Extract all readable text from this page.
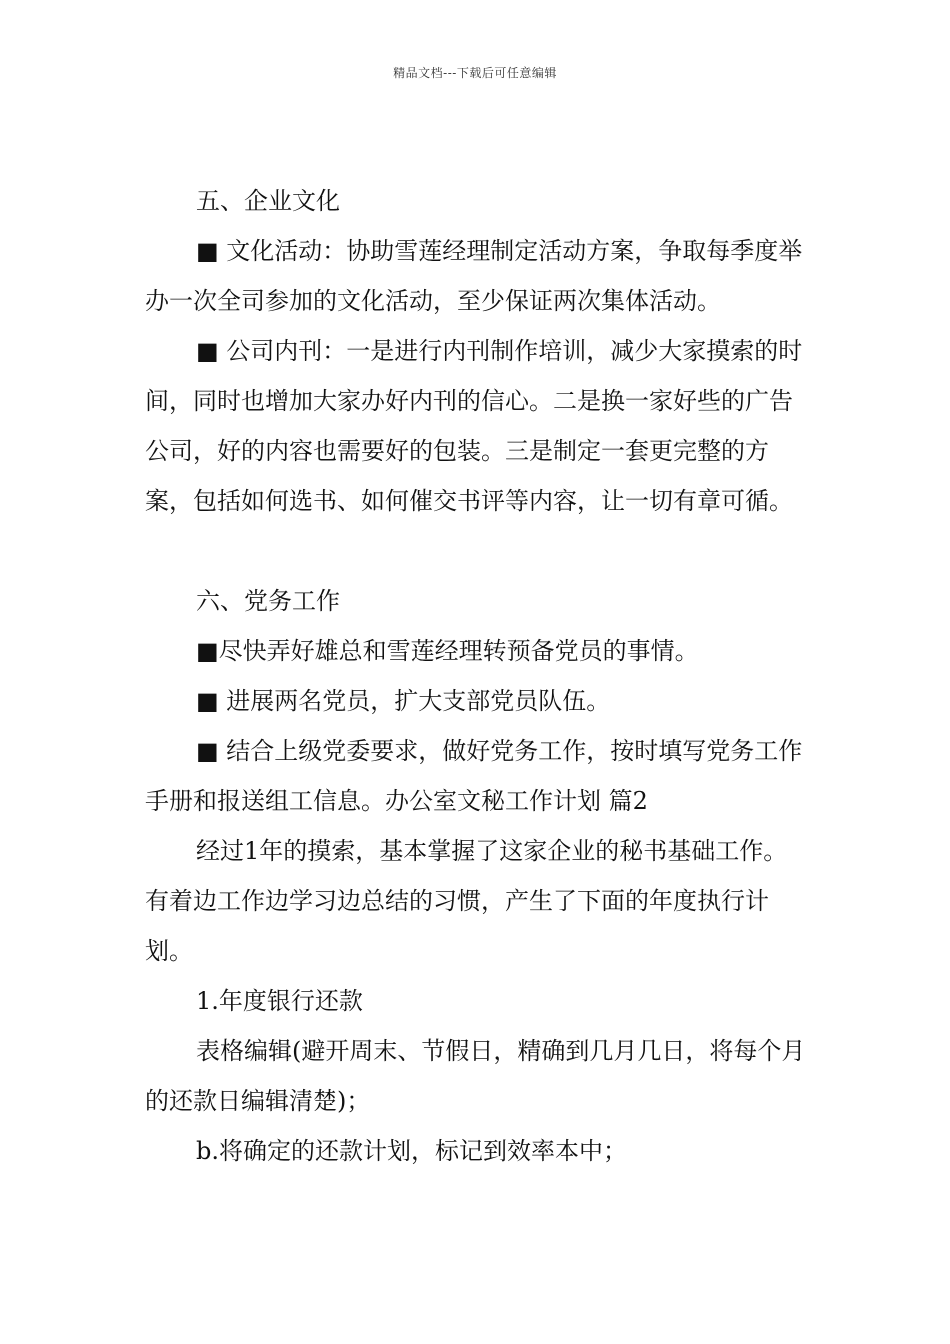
精品文档---下载后可任意编辑

五、企业文化

■ 文化活动：协助雪莲经理制定活动方案，争取每季度举办一次全司参加的文化活动，至少保证两次集体活动。

■ 公司内刊：一是进行内刊制作培训，减少大家摸索的时间，同时也增加大家办好内刊的信心。二是换一家好些的广告公司，好的内容也需要好的包装。三是制定一套更完整的方案，包括如何选书、如何催交书评等内容，让一切有章可循。

六、党务工作

■尽快弄好雄总和雪莲经理转预备党员的事情。

■ 进展两名党员，扩大支部党员队伍。

■ 结合上级党委要求，做好党务工作，按时填写党务工作手册和报送组工信息。办公室文秘工作计划 篇2

经过1年的摸索，基本掌握了这家企业的秘书基础工作。有着边工作边学习边总结的习惯，产生了下面的年度执行计划。

1.年度银行还款

表格编辑(避开周末、节假日，精确到几月几日，将每个月的还款日编辑清楚)；

b.将确定的还款计划，标记到效率本中；
